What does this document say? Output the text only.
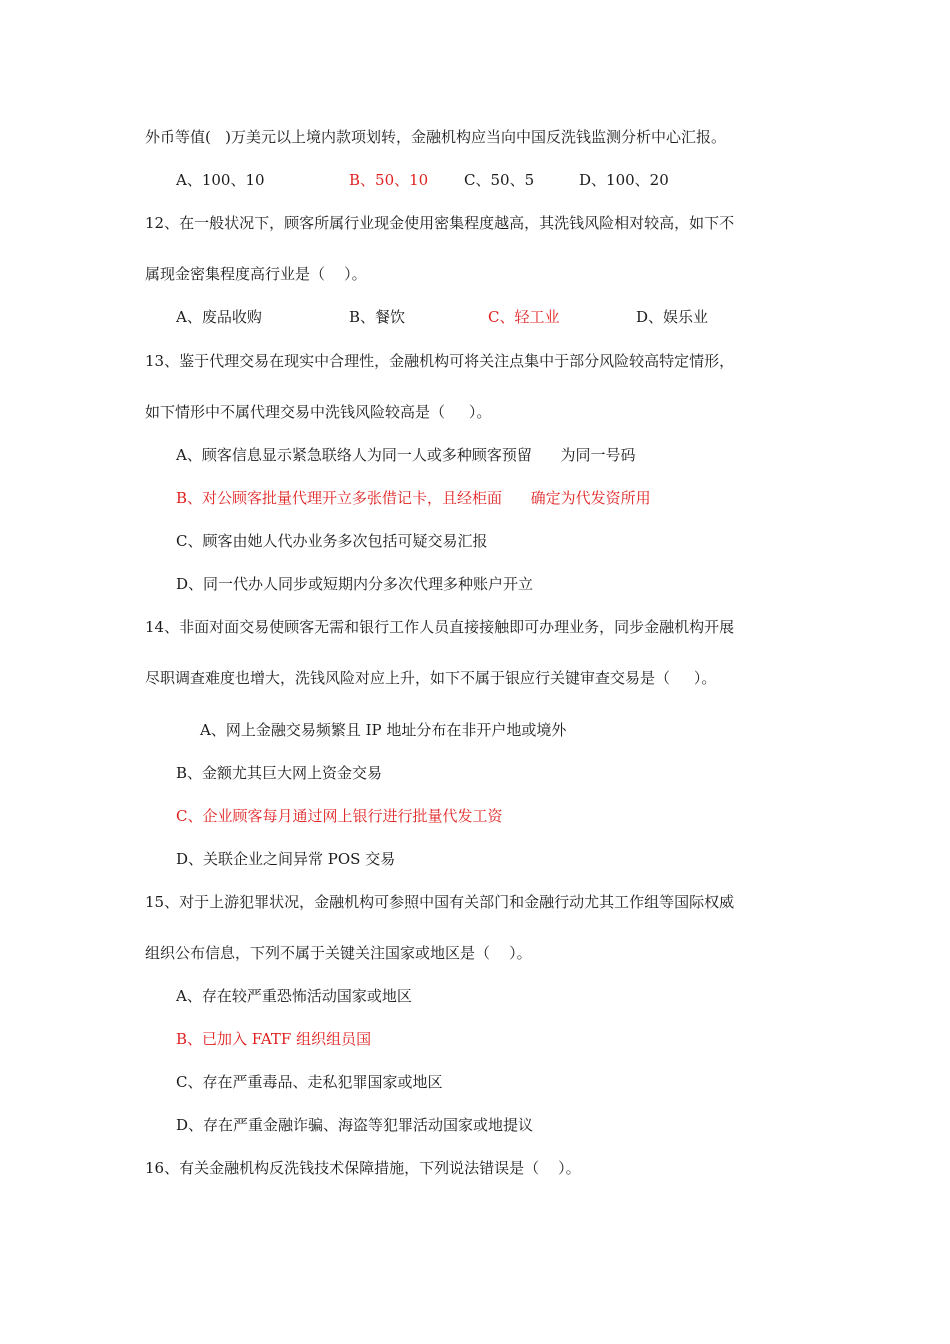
外币等值(   )万美元以上境内款项划转，金融机构应当向中国反洗钱监测分析中心汇报。

A、100、10

	B、50、10

C、50、5

	D、100、20

12、在一般状况下，顾客所属行业现金使用密集程度越高，其洗钱风险相对较高，如下不
属现金密集程度高行业是（    ）。

A、废品收购

	B、餐饮

	C、轻工业

	D、娱乐业

13、鉴于代理交易在现实中合理性，金融机构可将关注点集中于部分风险较高特定情形，
如下情形中不属代理交易中洗钱风险较高是（     ）。
A、顾客信息显示紧急联络人为同一人或多种顾客预留      为同一号码
B、对公顾客批量代理开立多张借记卡，且经柜面      确定为代发资所用
C、顾客由她人代办业务多次包括可疑交易汇报
D、同一代办人同步或短期内分多次代理多种账户开立
14、非面对面交易使顾客无需和银行工作人员直接接触即可办理业务，同步金融机构开展
尽职调查难度也增大，洗钱风险对应上升，如下不属于银应行关键审查交易是（     ）。
A、网上金融交易频繁且 IP 地址分布在非开户地或境外
B、金额尤其巨大网上资金交易
C、企业顾客每月通过网上银行进行批量代发工资
D、关联企业之间异常 POS 交易
15、对于上游犯罪状况，金融机构可参照中国有关部门和金融行动尤其工作组等国际权威
组织公布信息，下列不属于关键关注国家或地区是（    ）。
A、存在较严重恐怖活动国家或地区
B、已加入 FATF 组织组员国
C、存在严重毒品、走私犯罪国家或地区
D、存在严重金融诈骗、海盗等犯罪活动国家或地提议
16、有关金融机构反洗钱技术保障措施，下列说法错误是（    ）。
